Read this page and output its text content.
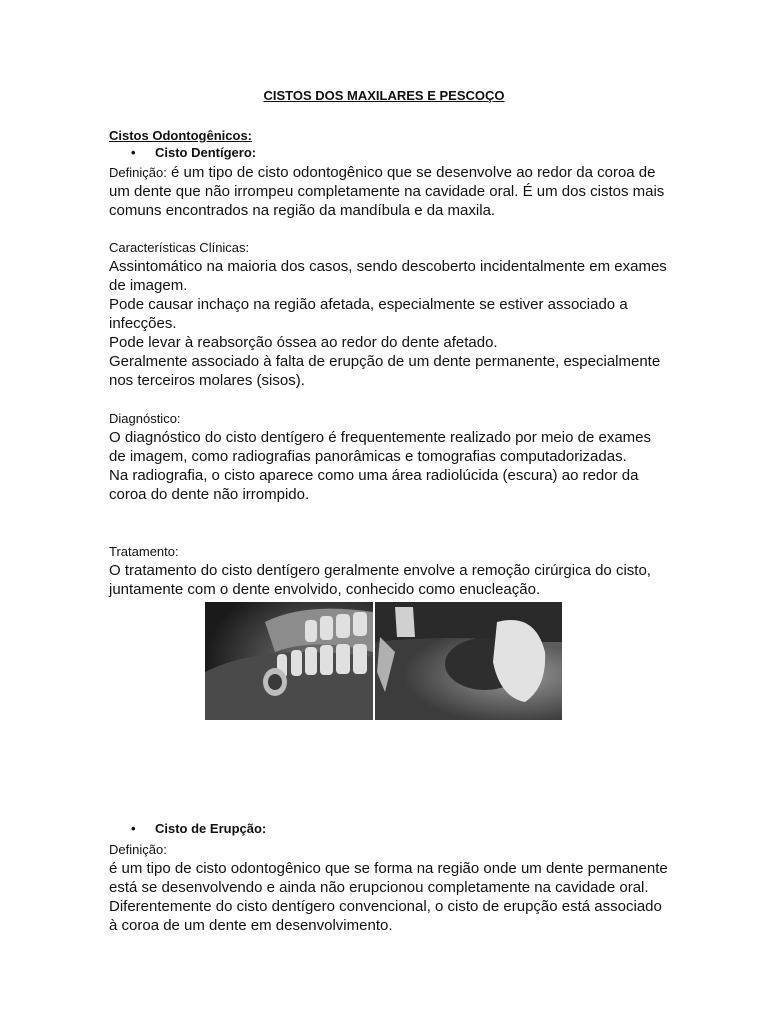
CISTOS DOS MAXILARES E PESCOÇO
Cistos Odontogênicos:
• Cisto Dentígero:

Definição: é um tipo de cisto odontogênico que se desenvolve ao redor da coroa de um dente que não irrompeu completamente na cavidade oral. É um dos cistos mais comuns encontrados na região da mandíbula e da maxila.

Características Clínicas:

Assintomático na maioria dos casos, sendo descoberto incidentalmente em exames de imagem.

Pode causar inchaço na região afetada, especialmente se estiver associado a infecções.

Pode levar à reabsorção óssea ao redor do dente afetado.

Geralmente associado à falta de erupção de um dente permanente, especialmente nos terceiros molares (sisos).

Diagnóstico:

O diagnóstico do cisto dentígero é frequentemente realizado por meio de exames de imagem, como radiografias panorâmicas e tomografias computadorizadas.

Na radiografia, o cisto aparece como uma área radiolúcida (escura) ao redor da coroa do dente não irrompido.

Tratamento:
O tratamento do cisto dentígero geralmente envolve a remoção cirúrgica do cisto, juntamente com o dente envolvido, conhecido como enucleação.
• Cisto de Erupção:
Definição:
é um tipo de cisto odontogênico que se forma na região onde um dente permanente está se desenvolvendo e ainda não erupcionou completamente na cavidade oral. Diferentemente do cisto dentígero convencional, o cisto de erupção está associado à coroa de um dente em desenvolvimento.
